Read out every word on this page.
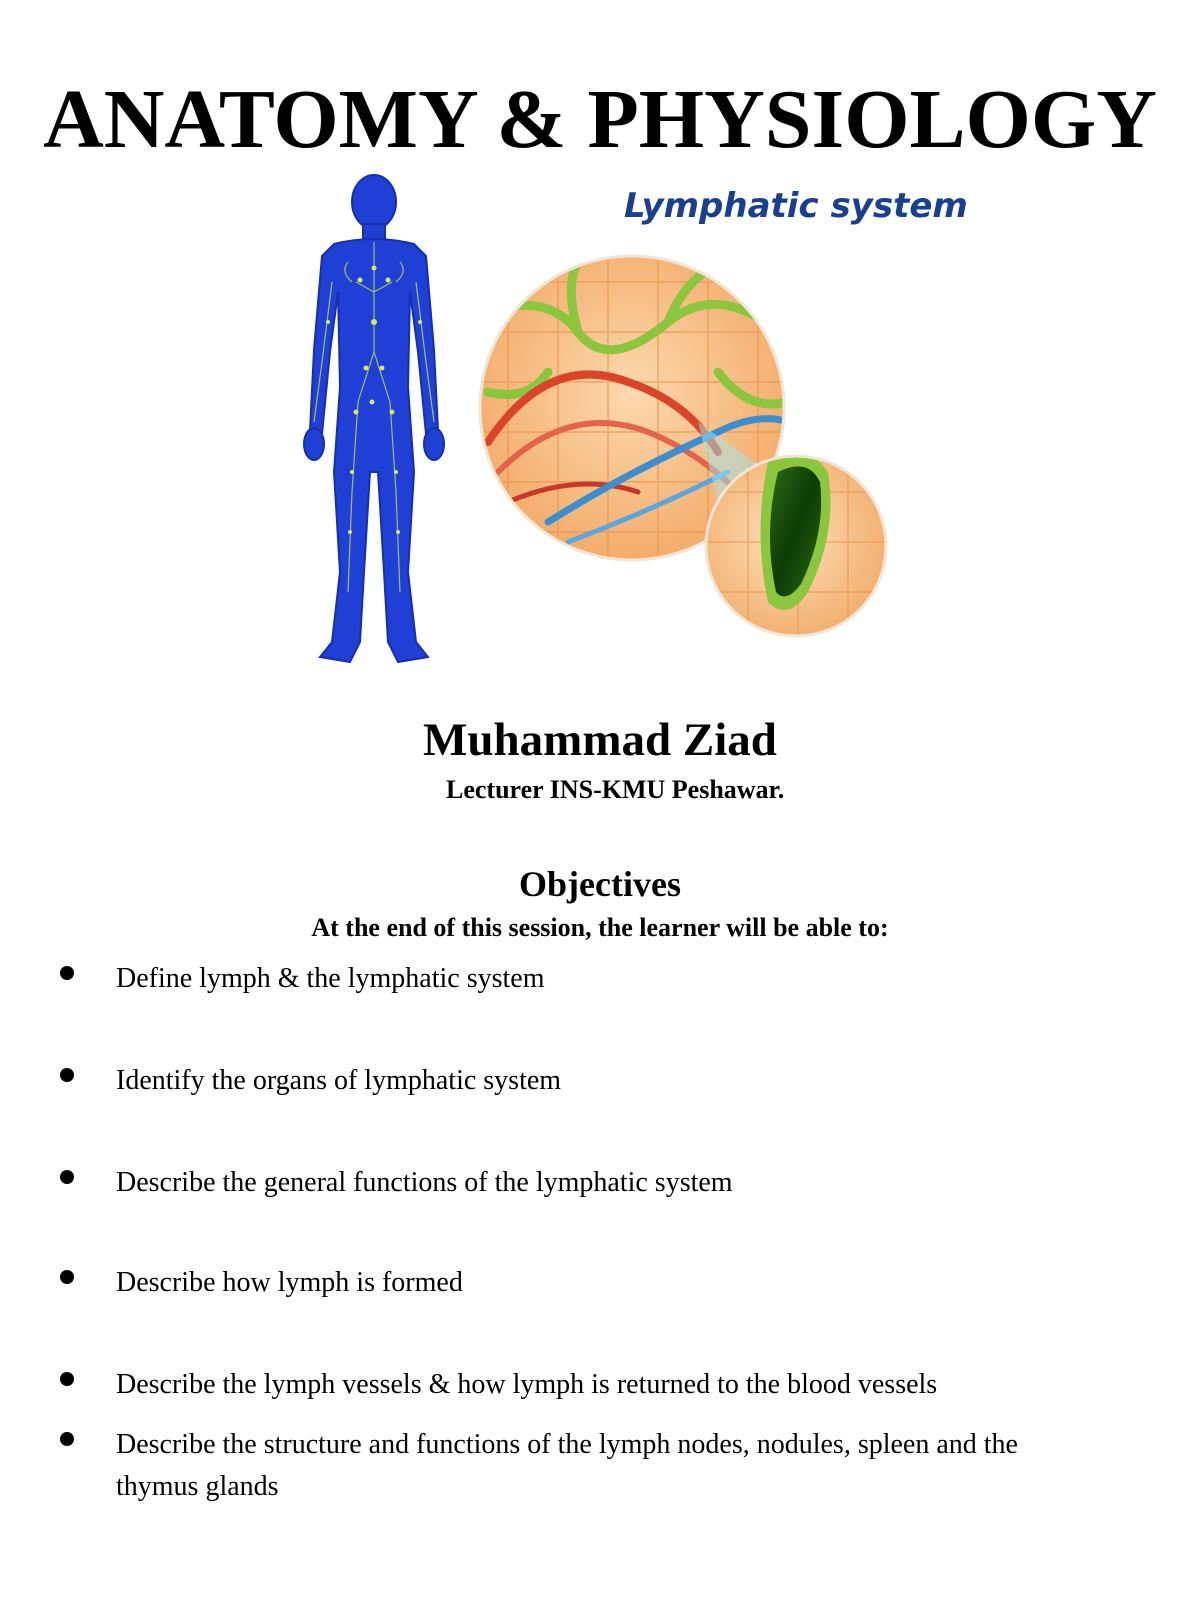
ANATOMY & PHYSIOLOGY
Lymphatic system
Muhammad Ziad
Lecturer INS-KMU Peshawar.
Objectives
At the end of this session, the learner will be able to:
Define lymph & the lymphatic system
Identify the organs of lymphatic system
Describe the general functions of the lymphatic system
Describe how lymph is formed
Describe the lymph vessels & how lymph is returned to the blood vessels
Describe the structure and functions of the lymph nodes, nodules, spleen and the thymus glands
